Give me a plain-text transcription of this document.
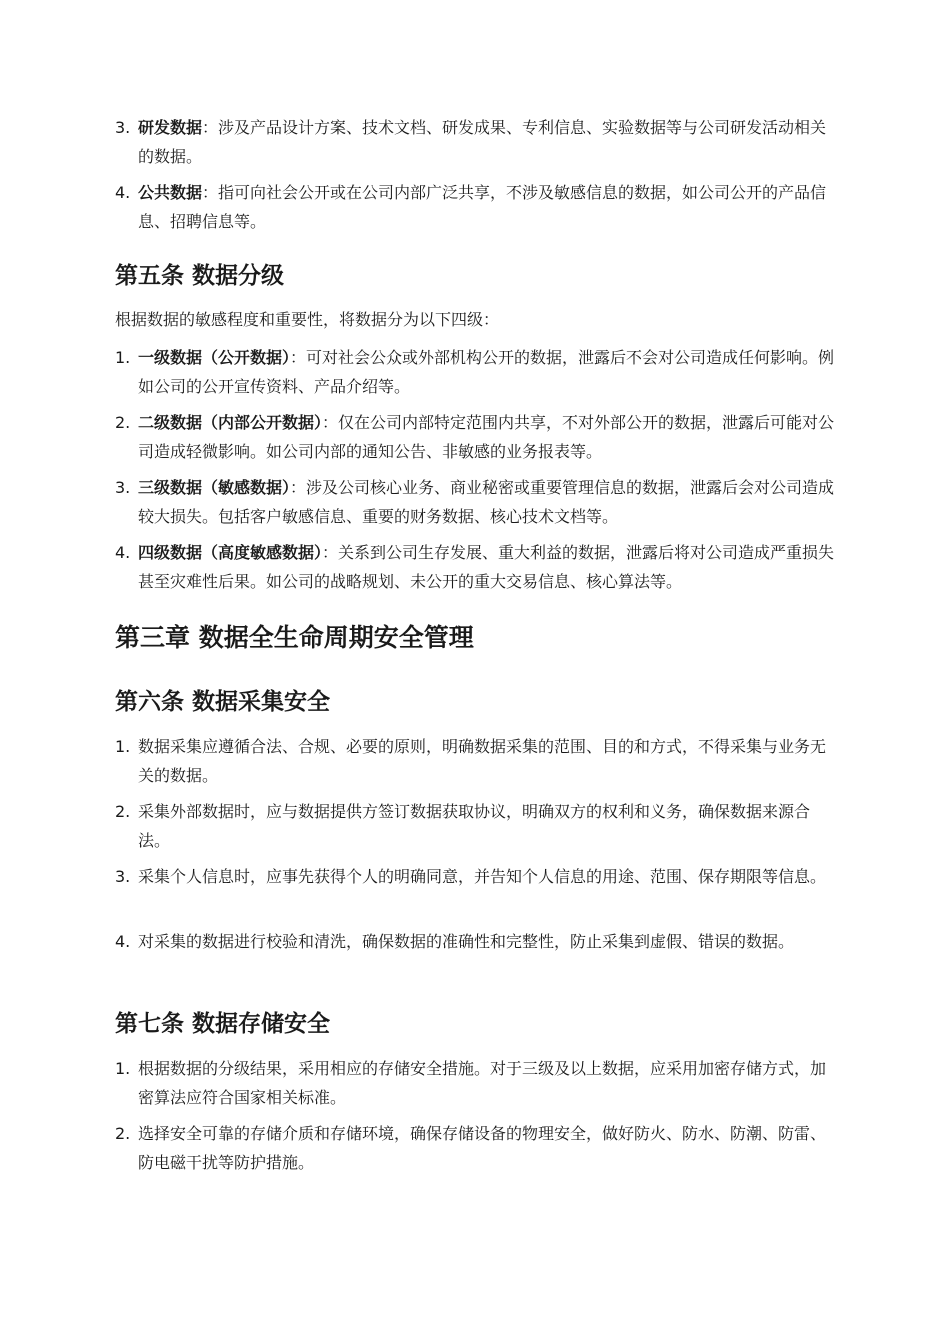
3. 研发数据：涉及产品设计方案、技术文档、研发成果、专利信息、实验数据等与公司研发活动相关的数据。
4. 公共数据：指可向社会公开或在公司内部广泛共享，不涉及敏感信息的数据，如公司公开的产品信息、招聘信息等。
第五条 数据分级

根据数据的敏感程度和重要性，将数据分为以下四级：

1. 一级数据（公开数据）：可对社会公众或外部机构公开的数据，泄露后不会对公司造成任何影响。例如公司的公开宣传资料、产品介绍等。
2. 二级数据（内部公开数据）：仅在公司内部特定范围内共享，不对外部公开的数据，泄露后可能对公司造成轻微影响。如公司内部的通知公告、非敏感的业务报表等。
3. 三级数据（敏感数据）：涉及公司核心业务、商业秘密或重要管理信息的数据，泄露后会对公司造成较大损失。包括客户敏感信息、重要的财务数据、核心技术文档等。
4. 四级数据（高度敏感数据）：关系到公司生存发展、重大利益的数据，泄露后将对公司造成严重损失甚至灾难性后果。如公司的战略规划、未公开的重大交易信息、核心算法等。
第三章 数据全生命周期安全管理
第六条 数据采集安全
1. 数据采集应遵循合法、合规、必要的原则，明确数据采集的范围、目的和方式，不得采集与业务无关的数据。
2. 采集外部数据时，应与数据提供方签订数据获取协议，明确双方的权利和义务，确保数据来源合法。
3. 采集个人信息时，应事先获得个人的明确同意，并告知个人信息的用途、范围、保存期限等信息。
4. 对采集的数据进行校验和清洗，确保数据的准确性和完整性，防止采集到虚假、错误的数据。
第七条 数据存储安全
1. 根据数据的分级结果，采用相应的存储安全措施。对于三级及以上数据，应采用加密存储方式，加密算法应符合国家相关标准。
2. 选择安全可靠的存储介质和存储环境，确保存储设备的物理安全，做好防火、防水、防潮、防雷、防电磁干扰等防护措施。
